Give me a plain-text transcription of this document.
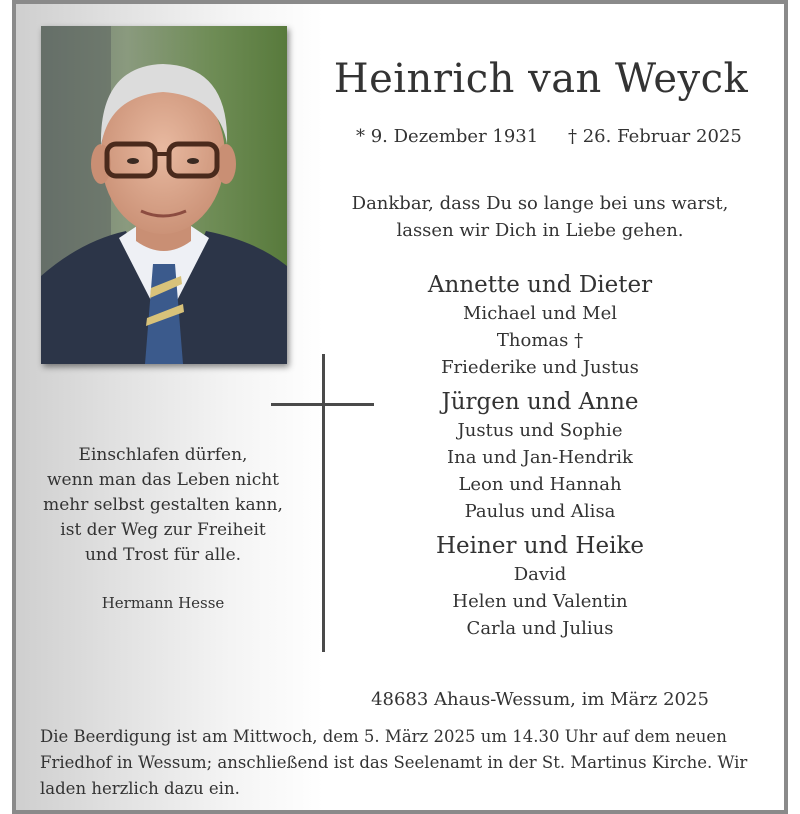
Heinrich van Weyck
* 9. Dezember 1931 † 26. Februar 2025
Dankbar, dass Du so lange bei uns warst,
lassen wir Dich in Liebe gehen.
Annette und Dieter
Michael und Mel
Thomas †
Friederike und Justus
Jürgen und Anne
Justus und Sophie
Ina und Jan-Hendrik
Leon und Hannah
Paulus und Alisa
Heiner und Heike
David
Helen und Valentin
Carla und Julius
Einschlafen dürfen,
wenn man das Leben nicht
mehr selbst gestalten kann,
ist der Weg zur Freiheit
und Trost für alle.
Hermann Hesse
48683 Ahaus-Wessum, im März 2025
Die Beerdigung ist am Mittwoch, dem 5. März 2025 um 14.30 Uhr auf dem neuen Friedhof in Wessum; anschließend ist das Seelenamt in der St. Martinus Kirche. Wir laden herzlich dazu ein.
